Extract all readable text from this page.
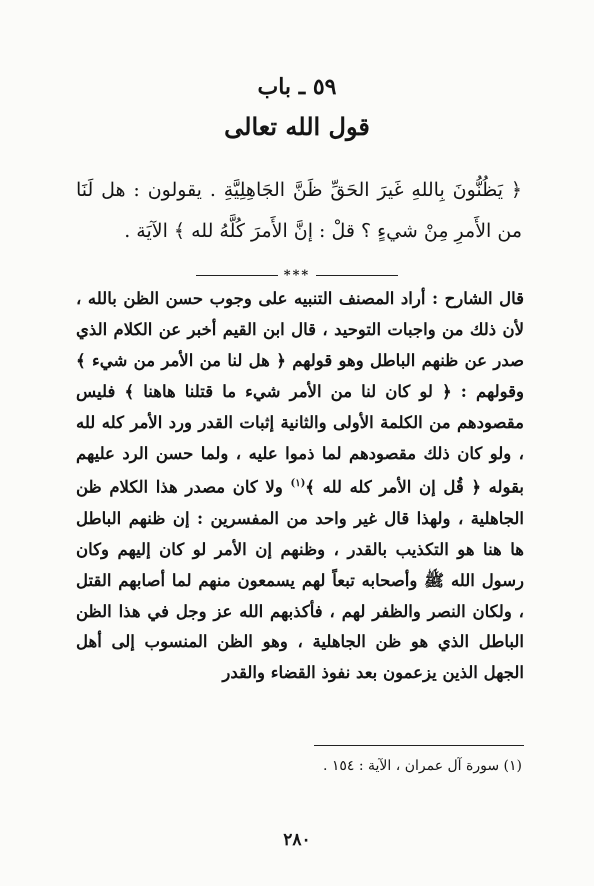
٥٩ ـ باب
قول الله تعالى
﴿ يَظُنُّونَ بِاللهِ غَيرَ الحَقِّ ظَنَّ الجَاهِلِيَّةِ . يقولون : هل لَنَا من الأَمرِ مِنْ شيءٍ ؟ قلْ : إنَّ الأَمرَ كُلَّهُ لله ﴾ الآيَة .
***

قال الشارح : أراد المصنف التنبيه على وجوب حسن الظن بالله ، لأن ذلك من واجبات التوحيد ، قال ابن القيم أخبر عن الكلام الذي صدر عن ظنهم الباطل وهو قولهم ﴿ هل لنا من الأمر من شيء ﴾ وقولهم : ﴿ لو كان لنا من الأمر شيء ما قتلنا هاهنا ﴾ فليس مقصودهم من الكلمة الأولى والثانية إثبات القدر ورد الأمر كله لله ، ولو كان ذلك مقصودهم لما ذموا عليه ، ولما حسن الرد عليهم بقوله ﴿ قُل إن الأمر كله لله ﴾$^{(١)}$ ولا كان مصدر هذا الكلام ظن الجاهلية ، ولهذا قال غير واحد من المفسرين : إن ظنهم الباطل ها هنا هو التكذيب بالقدر ، وظنهم إن الأمر لو كان إليهم وكان رسول الله ﷺ وأصحابه تبعاً لهم يسمعون منهم لما أصابهم القتل ، ولكان النصر والظفر لهم ، فأكذبهم الله عز وجل في هذا الظن الباطل الذي هو ظن الجاهلية ، وهو الظن المنسوب إلى أهل الجهل الذين يزعمون بعد نفوذ القضاء والقدر

(١) سورة آل عمران ، الآية : ١٥٤ .
٢٨٠
